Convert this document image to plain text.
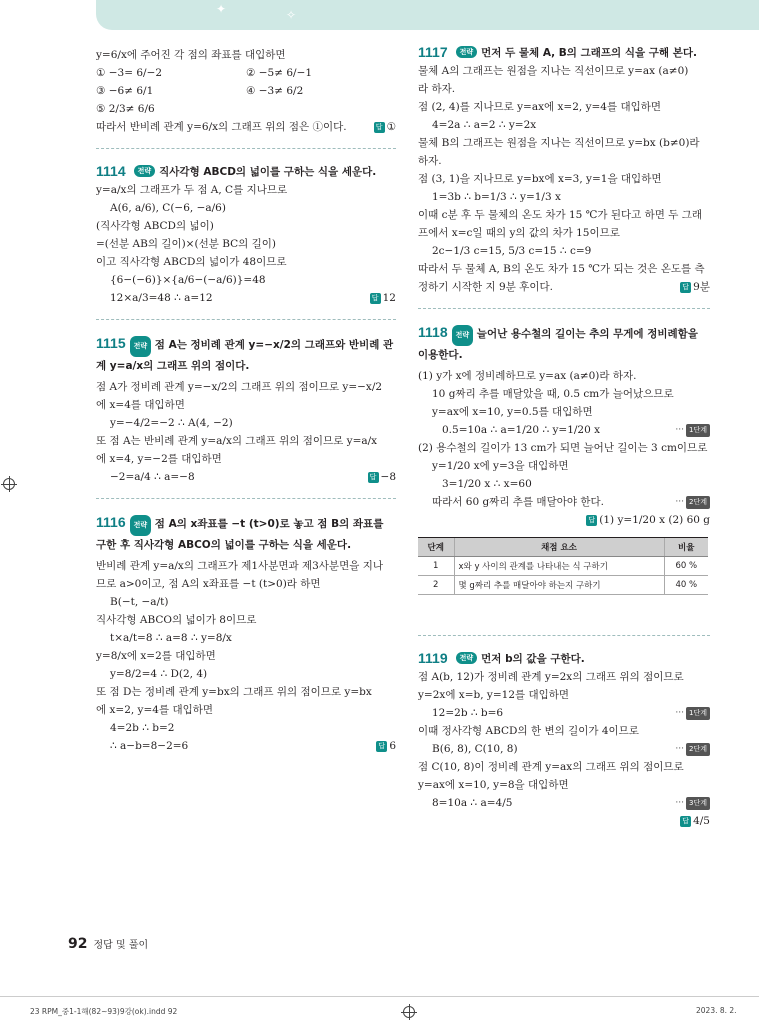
✦	✧
y=6/x에 주어진 각 점의 좌표를 대입하면
① −3= 6/−2	② −5≠ 6/−1
③ −6≠ 6/1	④ −3≠ 6/2
⑤ 2/3≠ 6/6
따라서 반비례 관계 y=6/x의 그래프 위의 점은 ①이다.	답 ①
1114	전략 직사각형 ABCD의 넓이를 구하는 식을 세운다.
y=a/x의 그래프가 두 점 A, C를 지나므로
A(6, a/6), C(−6, −a/6)
(직사각형 ABCD의 넓이)
=(선분 AB의 길이)×(선분 BC의 길이)
이고 직사각형 ABCD의 넓이가 48이므로
{6−(−6)}×{a/6−(−a/6)}=48
12×a/3=48 ∴ a=12	답 12
1115 전략 점 A는 정비례 관계 y=−x/2의 그래프와 반비례 관계 y=a/x의 그래프 위의 점이다.
점 A가 정비례 관계 y=−x/2의 그래프 위의 점이므로 y=−x/2
에 x=4를 대입하면
y=−4/2=−2 ∴ A(4, −2)
또 점 A는 반비례 관계 y=a/x의 그래프 위의 점이므로 y=a/x
에 x=4, y=−2를 대입하면
−2=a/4 ∴ a=−8	답 −8
1116 전략 점 A의 x좌표를 −t (t>0)로 놓고 점 B의 좌표를 구한 후 직사각형 ABCO의 넓이를 구하는 식을 세운다.
반비례 관계 y=a/x의 그래프가 제1사분면과 제3사분면을 지나
므로 a>0이고, 점 A의 x좌표를 −t (t>0)라 하면
B(−t, −a/t)
직사각형 ABCO의 넓이가 8이므로
t×a/t=8 ∴ a=8 ∴ y=8/x
y=8/x에 x=2를 대입하면
y=8/2=4 ∴ D(2, 4)
또 점 D는 정비례 관계 y=bx의 그래프 위의 점이므로 y=bx
에 x=2, y=4를 대입하면
4=2b ∴ b=2
∴ a−b=8−2=6	답 6
1117	전략 먼저 두 물체 A, B의 그래프의 식을 구해 본다.
물체 A의 그래프는 원점을 지나는 직선이므로 y=ax (a≠0)
라 하자.
점 (2, 4)를 지나므로 y=ax에 x=2, y=4를 대입하면
4=2a ∴ a=2 ∴ y=2x
물체 B의 그래프는 원점을 지나는 직선이므로 y=bx (b≠0)라
하자.
점 (3, 1)을 지나므로 y=bx에 x=3, y=1을 대입하면
1=3b ∴ b=1/3 ∴ y=1/3 x
이때 c분 후 두 물체의 온도 차가 15 ℃가 된다고 하면 두 그래
프에서 x=c일 때의 y의 값의 차가 15이므로
2c−1/3 c=15, 5/3 c=15 ∴ c=9
따라서 두 물체 A, B의 온도 차가 15 ℃가 되는 것은 온도를 측
정하기 시작한 지 9분 후이다.	답 9분
1118 전략 늘어난 용수철의 길이는 추의 무게에 정비례함을 이용한다.
(1) y가 x에 정비례하므로 y=ax (a≠0)라 하자.
10 g짜리 추를 매달았을 때, 0.5 cm가 늘어났으므로
y=ax에 x=10, y=0.5를 대입하면
0.5=10a ∴ a=1/20 ∴ y=1/20 x	··· 1단계
(2) 용수철의 길이가 13 cm가 되면 늘어난 길이는 3 cm이므로
y=1/20 x에 y=3을 대입하면
3=1/20 x ∴ x=60
따라서 60 g짜리 추를 매달아야 한다.	··· 2단계
답 (1) y=1/20 x (2) 60 g
단계	채점 요소	비율
1	x와 y 사이의 관계를 나타내는 식 구하기	60 %
2	몇 g짜리 추를 매달아야 하는지 구하기	40 %
1119	전략 먼저 b의 값을 구한다.
점 A(b, 12)가 정비례 관계 y=2x의 그래프 위의 점이므로
y=2x에 x=b, y=12를 대입하면
12=2b ∴ b=6	··· 1단계
이때 정사각형 ABCD의 한 변의 길이가 4이므로
B(6, 8), C(10, 8)	··· 2단계
점 C(10, 8)이 정비례 관계 y=ax의 그래프 위의 점이므로
y=ax에 x=10, y=8을 대입하면
8=10a ∴ a=4/5	··· 3단계
답 4/5
92 정답 및 풀이
23 RPM_중1-1해(82~93)9강(ok).indd 92	2023. 8. 2.
